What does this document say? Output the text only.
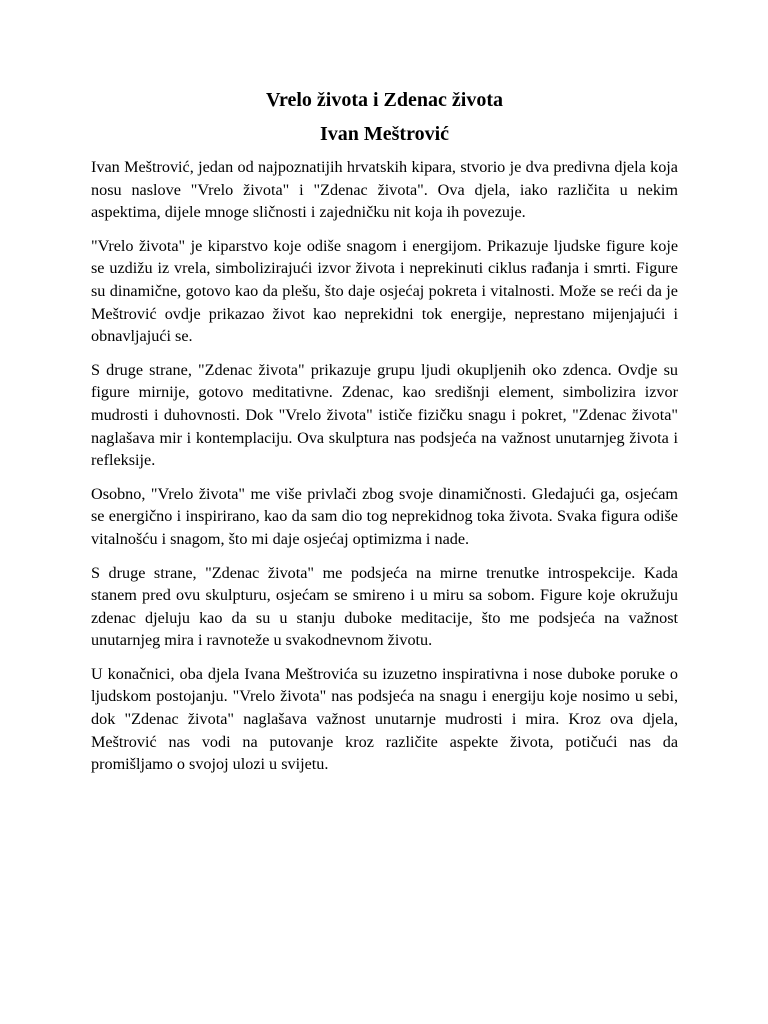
Vrelo života i Zdenac života
Ivan Meštrović

Ivan Meštrović, jedan od najpoznatijih hrvatskih kipara, stvorio je dva predivna djela koja nosu naslove "Vrelo života" i "Zdenac života". Ova djela, iako različita u nekim aspektima, dijele mnoge sličnosti i zajedničku nit koja ih povezuje.

"Vrelo života" je kiparstvo koje odiše snagom i energijom. Prikazuje ljudske figure koje se uzdižu iz vrela, simbolizirajući izvor života i neprekinuti ciklus rađanja i smrti. Figure su dinamične, gotovo kao da plešu, što daje osjećaj pokreta i vitalnosti. Može se reći da je Meštrović ovdje prikazao život kao neprekidni tok energije, neprestano mijenjajući i obnavljajući se.

S druge strane, "Zdenac života" prikazuje grupu ljudi okupljenih oko zdenca. Ovdje su figure mirnije, gotovo meditativne. Zdenac, kao središnji element, simbolizira izvor mudrosti i duhovnosti. Dok "Vrelo života" ističe fizičku snagu i pokret, "Zdenac života" naglašava mir i kontemplaciju. Ova skulptura nas podsjeća na važnost unutarnjeg života i refleksije.

Osobno, "Vrelo života" me više privlači zbog svoje dinamičnosti. Gledajući ga, osjećam se energično i inspirirano, kao da sam dio tog neprekidnog toka života. Svaka figura odiše vitalnošću i snagom, što mi daje osjećaj optimizma i nade.

S druge strane, "Zdenac života" me podsjeća na mirne trenutke introspekcije. Kada stanem pred ovu skulpturu, osjećam se smireno i u miru sa sobom. Figure koje okružuju zdenac djeluju kao da su u stanju duboke meditacije, što me podsjeća na važnost unutarnjeg mira i ravnoteže u svakodnevnom životu.

U konačnici, oba djela Ivana Meštrovića su izuzetno inspirativna i nose duboke poruke o ljudskom postojanju. "Vrelo života" nas podsjeća na snagu i energiju koje nosimo u sebi, dok "Zdenac života" naglašava važnost unutarnje mudrosti i mira. Kroz ova djela, Meštrović nas vodi na putovanje kroz različite aspekte života, potičući nas da promišljamo o svojoj ulozi u svijetu.
